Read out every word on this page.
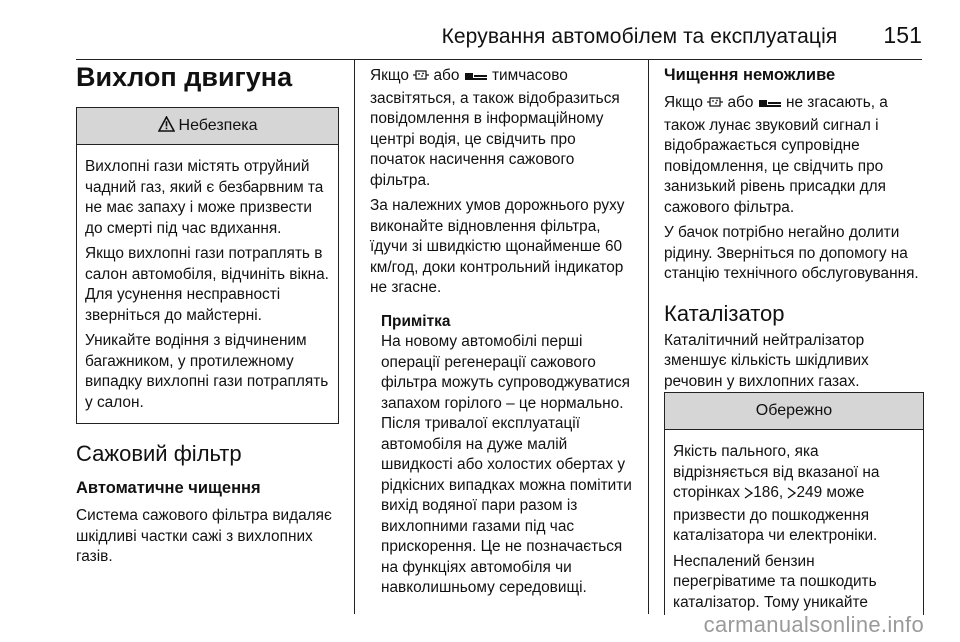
Керування автомобілем та експлуатація 151
Вихлоп двигуна
Небезпека

Вихлопні гази містять отруйний чадний газ, який є безбарвним та не має запаху і може призвести до смерті під час вдихання.

Якщо вихлопні гази потраплять в салон автомобіля, відчиніть вікна. Для усунення несправності зверніться до майстерні.

Уникайте водіння з відчиненим багажником, у протилежному випадку вихлопні гази потраплять у салон.

Сажовий фільтр
Автоматичне чищення

Система сажового фільтра видаляє шкідливі частки сажі з вихлопних газів.

Якщо  або  тимчасово засвітяться, а також відобразиться повідомлення в інформаційному центрі водія, це свідчить про початок насичення сажового фільтра.

За належних умов дорожнього руху виконайте відновлення фільтра, їдучи зі швидкістю щонайменше 60 км/год, доки контрольний індикатор не згасне.

Примітка

На новому автомобілі перші операції регенерації сажового фільтра можуть супроводжуватися запахом горілого – це нормально. Після тривалої експлуатації автомобіля на дуже малій швидкості або холостих обертах у рідкісних випадках можна помітити вихід водяної пари разом із вихлопними газами під час прискорення. Це не позначається на функціях автомобіля чи навколишньому середовищі.

Чищення неможливе

Якщо  або  не згасають, а також лунає звуковий сигнал і відображається супровідне повідомлення, це свідчить про занизький рівень присадки для сажового фільтра.

У бачок потрібно негайно долити рідину. Зверніться по допомогу на станцію технічного обслуговування.

Каталізатор

Каталітичний нейтралізатор зменшує кількість шкідливих речовин у вихлопних газах.

Обережно

Якість пального, яка відрізняється від вказаної на сторінках 186, 249 може призвести до пошкодження каталізатора чи електроніки.

Неспалений бензин перегріватиме та пошкодить каталізатор. Тому уникайте

carmanualsonline.info
